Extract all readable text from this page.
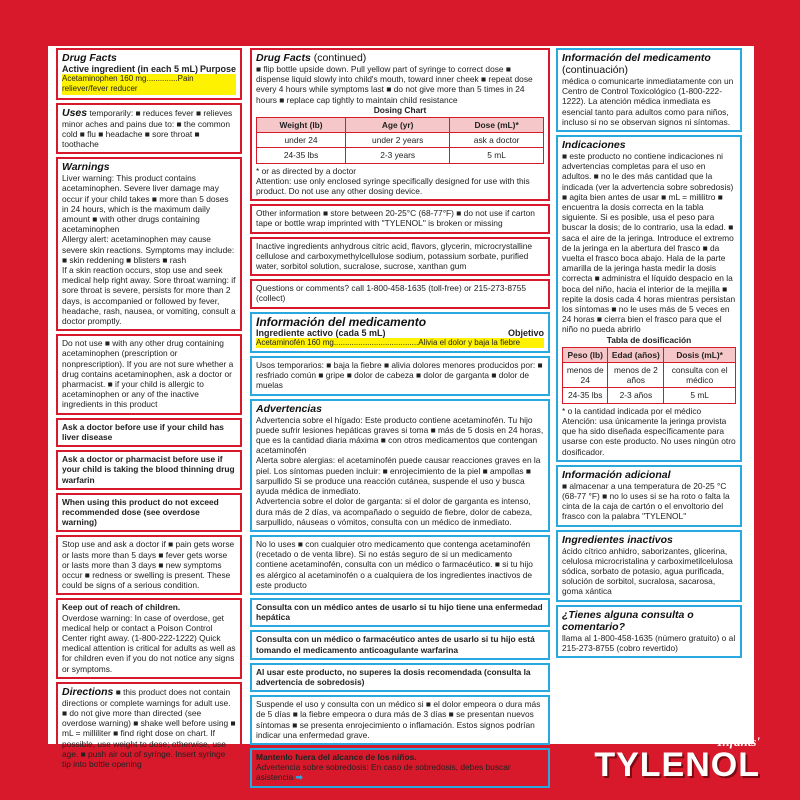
Drug Facts
Active ingredient (in each 5 mL) Purpose
Acetaminophen 160 mg..............Pain reliever/fever reducer
Uses temporarily: ■ reduces fever ■ relieves minor aches and pains due to: ■ the common cold ■ flu ■ headache ■ sore throat ■ toothache
Warnings

Liver warning: This product contains acetaminophen. Severe liver damage may occur if your child takes ■ more than 5 doses in 24 hours, which is the maximum daily amount ■ with other drugs containing acetaminophen

Allergy alert: acetaminophen may cause severe skin reactions. Symptoms may include: ■ skin reddening ■ blisters ■ rash

If a skin reaction occurs, stop use and seek medical help right away. Sore throat warning: if sore throat is severe, persists for more than 2 days, is accompanied or followed by fever, headache, rash, nausea, or vomiting, consult a doctor promptly.

Do not use ■ with any other drug containing acetaminophen (prescription or nonprescription). If you are not sure whether a drug contains acetaminophen, ask a doctor or pharmacist. ■ if your child is allergic to acetaminophen or any of the inactive ingredients in this product

Ask a doctor before use if your child has liver disease

Ask a doctor or pharmacist before use if your child is taking the blood thinning drug warfarin

When using this product do not exceed recommended dose (see overdose warning)

Stop use and ask a doctor if ■ pain gets worse or lasts more than 5 days ■ fever gets worse or lasts more than 3 days ■ new symptoms occur ■ redness or swelling is present. These could be signs of a serious condition.

Keep out of reach of children.

Overdose warning: In case of overdose, get medical help or contact a Poison Control Center right away. (1-800-222-1222) Quick medical attention is critical for adults as well as for children even if you do not notice any signs or symptoms.

Directions ■ this product does not contain directions or complete warnings for adult use. ■ do not give more than directed (see overdose warning) ■ shake well before using ■ mL = milliliter ■ find right dose on chart. If possible, use weight to dose; otherwise, use age. ■ push air out of syringe. Insert syringe tip into bottle opening ➡
Drug Facts (continued)

■ flip bottle upside down. Pull yellow part of syringe to correct dose ■ dispense liquid slowly into child's mouth, toward inner cheek ■ repeat dose every 4 hours while symptoms last ■ do not give more than 5 times in 24 hours ■ replace cap tightly to maintain child resistance

Dosing Chart
Weight (lb)	Age (yr)	Dose (mL)*
under 24	under 2 years	ask a doctor
24-35 lbs	2-3 years	5 mL

* or as directed by a doctor

Attention: use only enclosed syringe specifically designed for use with this product. Do not use any other dosing device.

Other information ■ store between 20-25°C (68-77°F) ■ do not use if carton tape or bottle wrap imprinted with "TYLENOL" is broken or missing

Inactive ingredients anhydrous citric acid, flavors, glycerin, microcrystalline cellulose and carboxymethylcellulose sodium, potassium sorbate, purified water, sorbitol solution, sucralose, sucrose, xanthan gum

Questions or comments? call 1-800-458-1635 (toll-free) or 215-273-8755 (collect)

Información del medicamento
Ingrediente activo (cada 5 mL)	Objetivo
Acetaminofén 160 mg......................................Alivia el dolor y baja la fiebre

Usos temporarios: ■ baja la fiebre ■ alivia dolores menores producidos por: ■ resfriado común ■ gripe ■ dolor de cabeza ■ dolor de garganta ■ dolor de muelas

Advertencias

Advertencia sobre el hígado: Este producto contiene acetaminofén. Tu hijo puede sufrir lesiones hepáticas graves si toma ■ más de 5 dosis en 24 horas, que es la cantidad diaria máxima ■ con otros medicamentos que contengan acetaminofén

Alerta sobre alergias: el acetaminofén puede causar reacciones graves en la piel. Los síntomas pueden incluir: ■ enrojecimiento de la piel ■ ampollas ■ sarpullido Si se produce una reacción cutánea, suspende el uso y busca ayuda médica de inmediato.

Advertencia sobre el dolor de garganta: si el dolor de garganta es intenso, dura más de 2 días, va acompañado o seguido de fiebre, dolor de cabeza, sarpullido, náuseas o vómitos, consulta con un médico de inmediato.

No lo uses ■ con cualquier otro medicamento que contenga acetaminofén (recetado o de venta libre). Si no estás seguro de si un medicamento contiene acetaminofén, consulta con un médico o farmacéutico. ■ si tu hijo es alérgico al acetaminofén o a cualquiera de los ingredientes inactivos de este producto

Consulta con un médico antes de usarlo si tu hijo tiene una enfermedad hepática

Consulta con un médico o farmacéutico antes de usarlo si tu hijo está tomando el medicamento anticoagulante warfarina

Al usar este producto, no superes la dosis recomendada (consulta la advertencia de sobredosis)

Suspende el uso y consulta con un médico si ■ el dolor empeora o dura más de 5 días ■ la fiebre empeora o dura más de 3 días ■ se presentan nuevos síntomas ■ se presenta enrojecimiento o inflamación. Estos signos podrían indicar una enfermedad grave.

Mantenlo fuera del alcance de los niños.

Advertencia sobre sobredosis: En caso de sobredosis, debes buscar asistencia ➡

Información del medicamento (continuación)

médica o comunicarte inmediatamente con un Centro de Control Toxicológico (1-800-222-1222). La atención médica inmediata es esencial tanto para adultos como para niños, incluso si no se observan signos ni síntomas.

Indicaciones

■ este producto no contiene indicaciones ni advertencias completas para el uso en adultos. ■ no le des más cantidad que la indicada (ver la advertencia sobre sobredosis) ■ agita bien antes de usar ■ mL = mililitro ■ encuentra la dosis correcta en la tabla siguiente. Si es posible, usa el peso para buscar la dosis; de lo contrario, usa la edad. ■ saca el aire de la jeringa. Introduce el extremo de la jeringa en la abertura del frasco ■ da vuelta el frasco boca abajo. Hala de la parte amarilla de la jeringa hasta medir la dosis correcta ■ administra el líquido despacio en la boca del niño, hacia el interior de la mejilla ■ repite la dosis cada 4 horas mientras persistan los síntomas ■ no le uses más de 5 veces en 24 horas ■ cierra bien el frasco para que el niño no pueda abrirlo

Tabla de dosificación
Peso (lb)	Edad (años)	Dosis (mL)*
menos de 24	menos de 2 años	consulta con el médico
24-35 lbs	2-3 años	5 mL

* o la cantidad indicada por el médico

Atención: usa únicamente la jeringa provista que ha sido diseñada específicamente para usarse con este producto. No uses ningún otro dosificador.

Información adicional

■ almacenar a una temperatura de 20-25 °C (68-77 °F) ■ no lo uses si se ha roto o falta la cinta de la caja de cartón o el envoltorio del frasco con la palabra "TYLENOL"

Ingredientes inactivos

ácido cítrico anhidro, saborizantes, glicerina, celulosa microcristalina y carboximetilcelulosa sódica, sorbato de potasio, agua purificada, solución de sorbitol, sucralosa, sacarosa, goma xántica

¿Tienes alguna consulta o comentario?

llama al 1-800-458-1635 (número gratuito) o al 215-273-8755 (cobro revertido)

Infants'
TYLENOL
